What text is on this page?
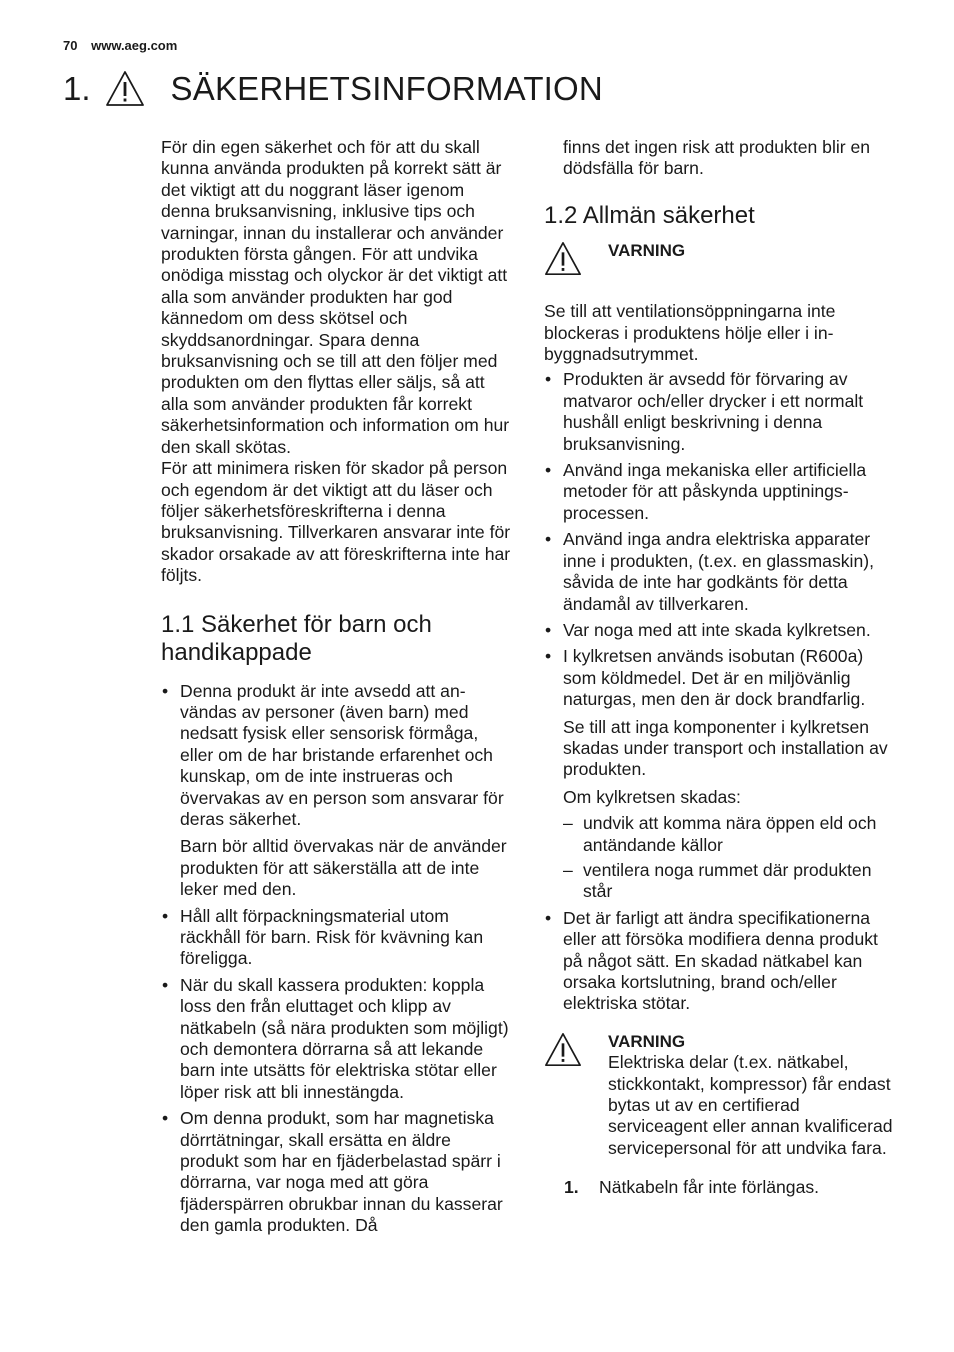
70 www.aeg.com
1. SÄKERHETSINFORMATION

För din egen säkerhet och för att du skall kunna använda produkten på korrekt sätt är det viktigt att du noggrant läser igenom denna bruksanvisning, inklusive tips och varningar, innan du installerar och använder produkten första gången. För att undvika onödiga misstag och olyckor är det viktigt att alla som använder produkten har god kännedom om dess skötsel och skyddsanordningar. Spara denna bruksanvisning och se till att den följer med produkten om den flyttas eller säljs, så att alla som använder produkten får korrekt säkerhetsinformation och information om hur den skall skötas.

För att minimera risken för skador på person och egendom är det viktigt att du läser och följer säkerhetsföreskrifterna i denna bruksanvisning. Tillverkaren ansvarar inte för skador orsakade av att föreskrifterna inte har följts.

1.1 Säkerhet för barn och handikappade
• Denna produkt är inte avsedd att användas av personer (även barn) med nedsatt fysisk eller sensorisk förmåga, eller om de har bristande erfarenhet och kunskap, om de inte instrueras och övervakas av en person som ansvarar för deras säkerhet.

Barn bör alltid övervakas när de använder produkten för att säkerställa att de inte leker med den.

• Håll allt förpackningsmaterial utom räckhåll för barn. Risk för kvävning kan föreligga.
• När du skall kassera produkten: koppla loss den från eluttaget och klipp av nätkabeln (så nära produkten som möjligt) och demontera dörrarna så att lekande barn inte utsätts för elektriska stötar eller löper risk att bli innestängda.
• Om denna produkt, som har magnetiska dörrtätningar, skall ersätta en äldre produkt som har en fjäderbelastad spärr i dörrarna, var noga med att göra fjäderspärren obrukbar innan du kasserar den gamla produkten. Då

finns det ingen risk att produkten blir en dödsfälla för barn.

1.2 Allmän säkerhet
VARNING

Se till att ventilationsöppningarna inte blockeras i produktens hölje eller i inbyggnadsutrymmet.

• Produkten är avsedd för förvaring av matvaror och/eller drycker i ett normalt hushåll enligt beskrivning i denna bruksanvisning.
• Använd inga mekaniska eller artificiella metoder för att påskynda upptiningsprocessen.
• Använd inga andra elektriska apparater inne i produkten, (t.ex. en glassmaskin), såvida de inte har godkänts för detta ändamål av tillverkaren.
• Var noga med att inte skada kylkretsen.
• I kylkretsen används isobutan (R600a) som köldmedel. Det är en miljövänlig naturgas, men den är dock brandfarlig.

Se till att inga komponenter i kylkretsen skadas under transport och installation av produkten.

Om kylkretsen skadas:

– undvik att komma nära öppen eld och antändande källor
– ventilera noga rummet där produkten står
• Det är farligt att ändra specifikationerna eller att försöka modifiera denna produkt på något sätt. En skadad nätkabel kan orsaka kortslutning, brand och/eller elektriska stötar.
VARNING

Elektriska delar (t.ex. nätkabel, stickkontakt, kompressor) får endast bytas ut av en certifierad serviceagent eller annan kvalificerad servicepersonal för att undvika fara.

1.	Nätkabeln får inte förlängas.
